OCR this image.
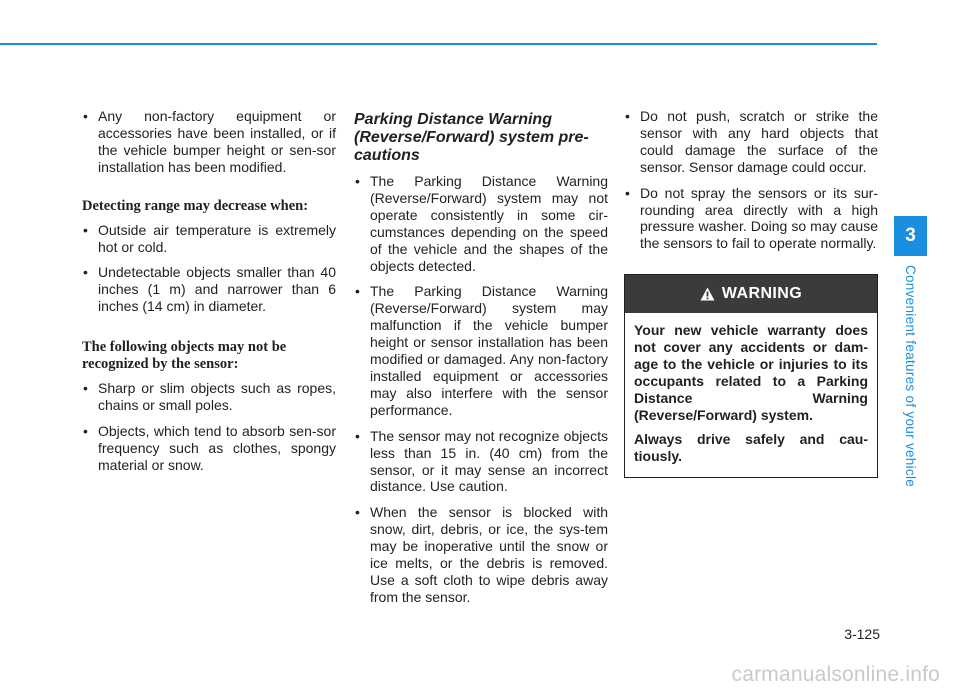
• Any non-factory equipment or accessories have been installed, or if the vehicle bumper height or sen-sor installation has been modified.
Detecting range may decrease when:
• Outside air temperature is extremely hot or cold.
• Undetectable objects smaller than 40 inches (1 m) and narrower than 6 inches (14 cm) in diameter.
The following objects may not be recognized by the sensor:
• Sharp or slim objects such as ropes, chains or small poles.
• Objects, which tend to absorb sen-sor frequency such as clothes, spongy material or snow.
Parking Distance Warning (Reverse/Forward) system pre-cautions
• The Parking Distance Warning (Reverse/Forward) system may not operate consistently in some cir-cumstances depending on the speed of the vehicle and the shapes of the objects detected.
• The Parking Distance Warning (Reverse/Forward) system may malfunction if the vehicle bumper height or sensor installation has been modified or damaged. Any non-factory installed equipment or accessories may also interfere with the sensor performance.
• The sensor may not recognize objects less than 15 in. (40 cm) from the sensor, or it may sense an incorrect distance. Use caution.
• When the sensor is blocked with snow, dirt, debris, or ice, the sys-tem may be inoperative until the snow or ice melts, or the debris is removed. Use a soft cloth to wipe debris away from the sensor.
• Do not push, scratch or strike the sensor with any hard objects that could damage the surface of the sensor. Sensor damage could occur.
• Do not spray the sensors or its sur-rounding area directly with a high pressure washer. Doing so may cause the sensors to fail to operate normally.
WARNING

Your new vehicle warranty does not cover any accidents or dam-age to the vehicle or injuries to its occupants related to a Parking Distance Warning (Reverse/Forward) system.

Always drive safely and cau-tiously.

3
Convenient features of your vehicle
3-125
carmanualsonline.info
